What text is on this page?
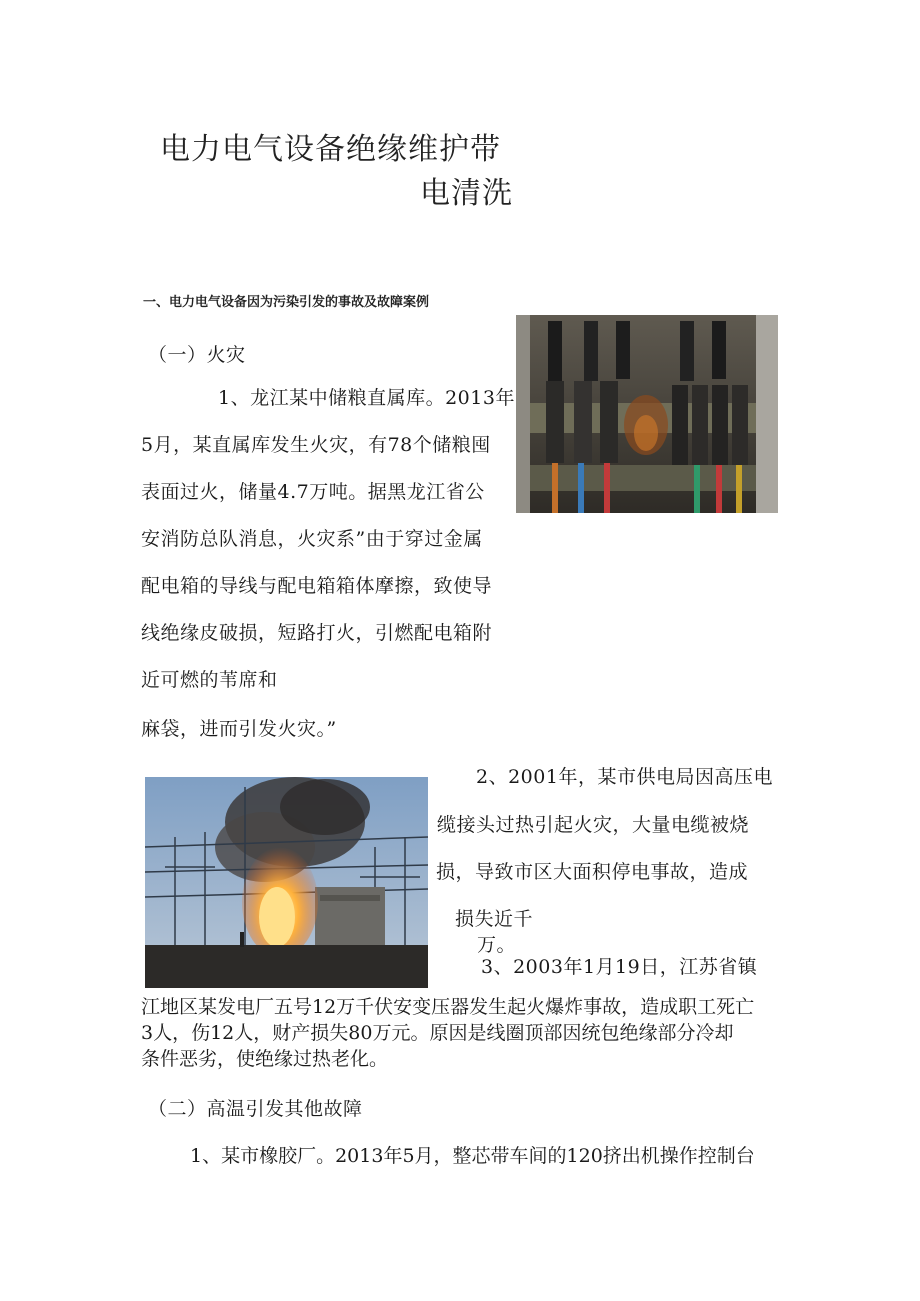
电力电气设备绝缘维护带
电清洗
一、电力电气设备因为污染引发的事故及故障案例
（一）火灾
1、龙江某中储粮直属库。2013年
5月，某直属库发生火灾，有78个储粮囤
表面过火，储量4.7万吨。据黑龙江省公
安消防总队消息，火灾系”由于穿过金属
配电箱的导线与配电箱箱体摩擦，致使导
线绝缘皮破损，短路打火，引燃配电箱附
近可燃的苇席和
麻袋，进而引发火灾。”
2、2001年，某市供电局因高压电
缆接头过热引起火灾，大量电缆被烧
损，导致市区大面积停电事故，造成
损失近千
万。
3、2003年1月19日，江苏省镇
江地区某发电厂五号12万千伏安变压器发生起火爆炸事故，造成职工死亡
3人，伤12人，财产损失80万元。原因是线圈顶部因统包绝缘部分冷却
条件恶劣，使绝缘过热老化。
（二）高温引发其他故障
1、某市橡胶厂。2013年5月，整芯带车间的120挤出机操作控制台
